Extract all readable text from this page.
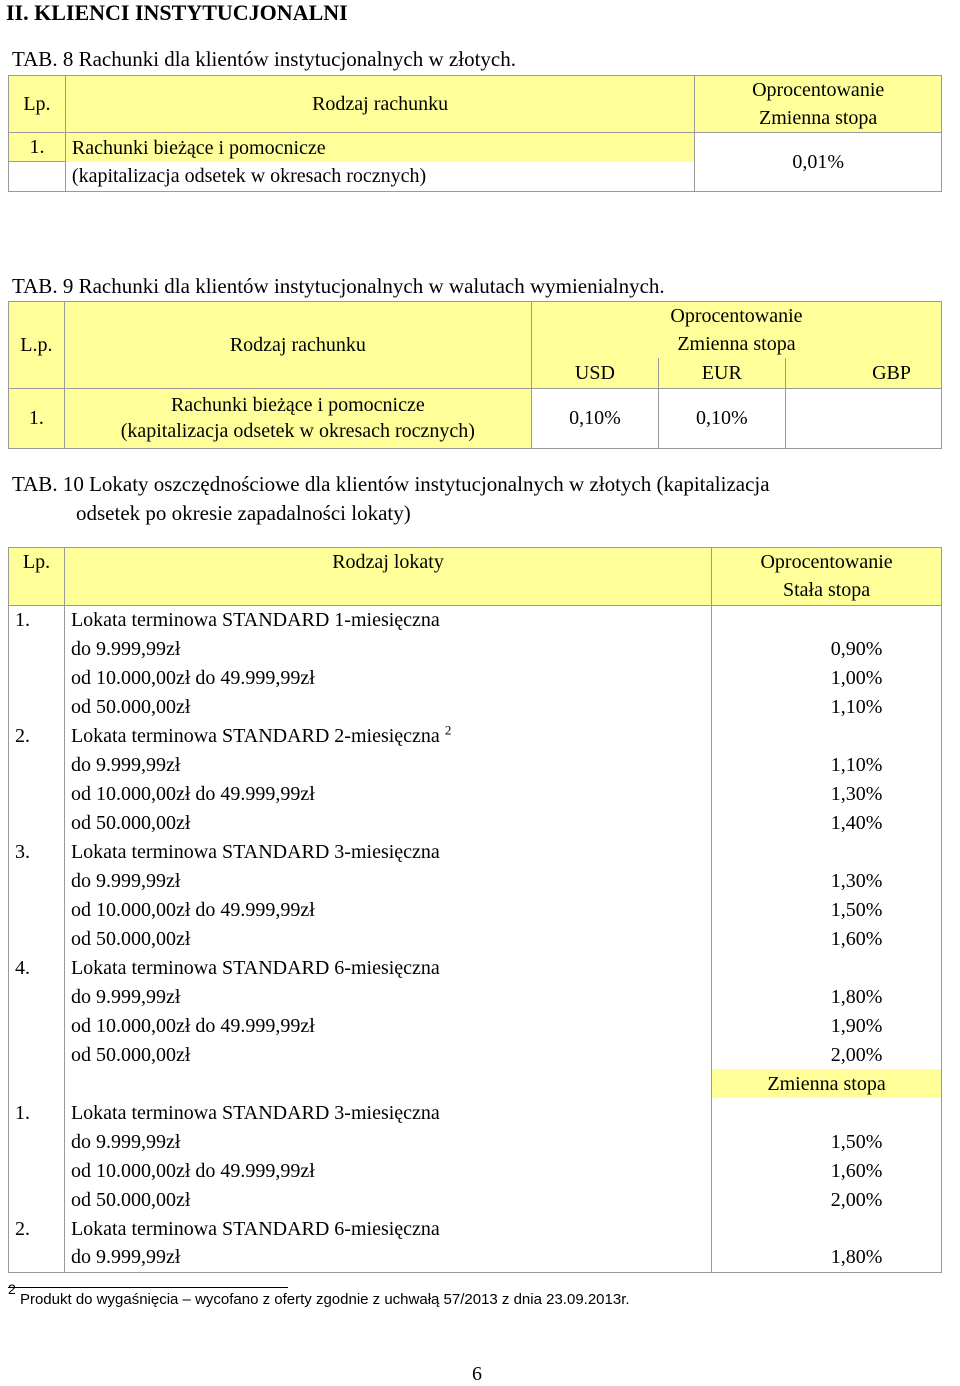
II. KLIENCI INSTYTUCJONALNI
TAB. 8 Rachunki dla klientów instytucjonalnych w złotych.
Lp.	Rodzaj rachunku	Oprocentowanie
Zmienna stopa

1.	Rachunki bieżące i pomocnicze	0,01%
	(kapitalizacja odsetek w okresach rocznych)	
TAB. 9 Rachunki dla klientów instytucjonalnych w walutach wymienialnych.
L.p.	Rodzaj rachunku	Oprocentowanie
Zmienna stopa		

		USD	EUR	GBP
1.	Rachunki bieżące i pomocnicze
(kapitalizacja odsetek w okresach rocznych)	0,10%	0,10%	
TAB. 10 Lokaty oszczędnościowe dla klientów instytucjonalnych w złotych (kapitalizacja
odsetek po okresie zapadalności lokaty)
Lp.	Rodzaj lokaty	Oprocentowanie
		Stała stopa
1.	Lokata terminowa STANDARD 1-miesięczna	
	do 9.999,99zł	0,90%
	od 10.000,00zł do 49.999,99zł	1,00%
	od 50.000,00zł	1,10%
2.	Lokata terminowa STANDARD 2-miesięczna $^2$	
	do 9.999,99zł	1,10%
	od 10.000,00zł do 49.999,99zł	1,30%
	od 50.000,00zł	1,40%
3.	Lokata terminowa STANDARD 3-miesięczna	
	do 9.999,99zł	1,30%
	od 10.000,00zł do 49.999,99zł	1,50%
	od 50.000,00zł	1,60%
4.	Lokata terminowa STANDARD 6-miesięczna	
	do 9.999,99zł	1,80%
	od 10.000,00zł do 49.999,99zł	1,90%
	od 50.000,00zł	2,00%
		Zmienna stopa
1.	Lokata terminowa STANDARD 3-miesięczna	
	do 9.999,99zł	1,50%
	od 10.000,00zł do 49.999,99zł	1,60%
	od 50.000,00zł	2,00%
2.	Lokata terminowa STANDARD 6-miesięczna	
	do 9.999,99zł	1,80%
$^2$ Produkt do wygaśnięcia – wycofano z oferty zgodnie z uchwałą 57/2013 z dnia 23.09.2013r.
6
